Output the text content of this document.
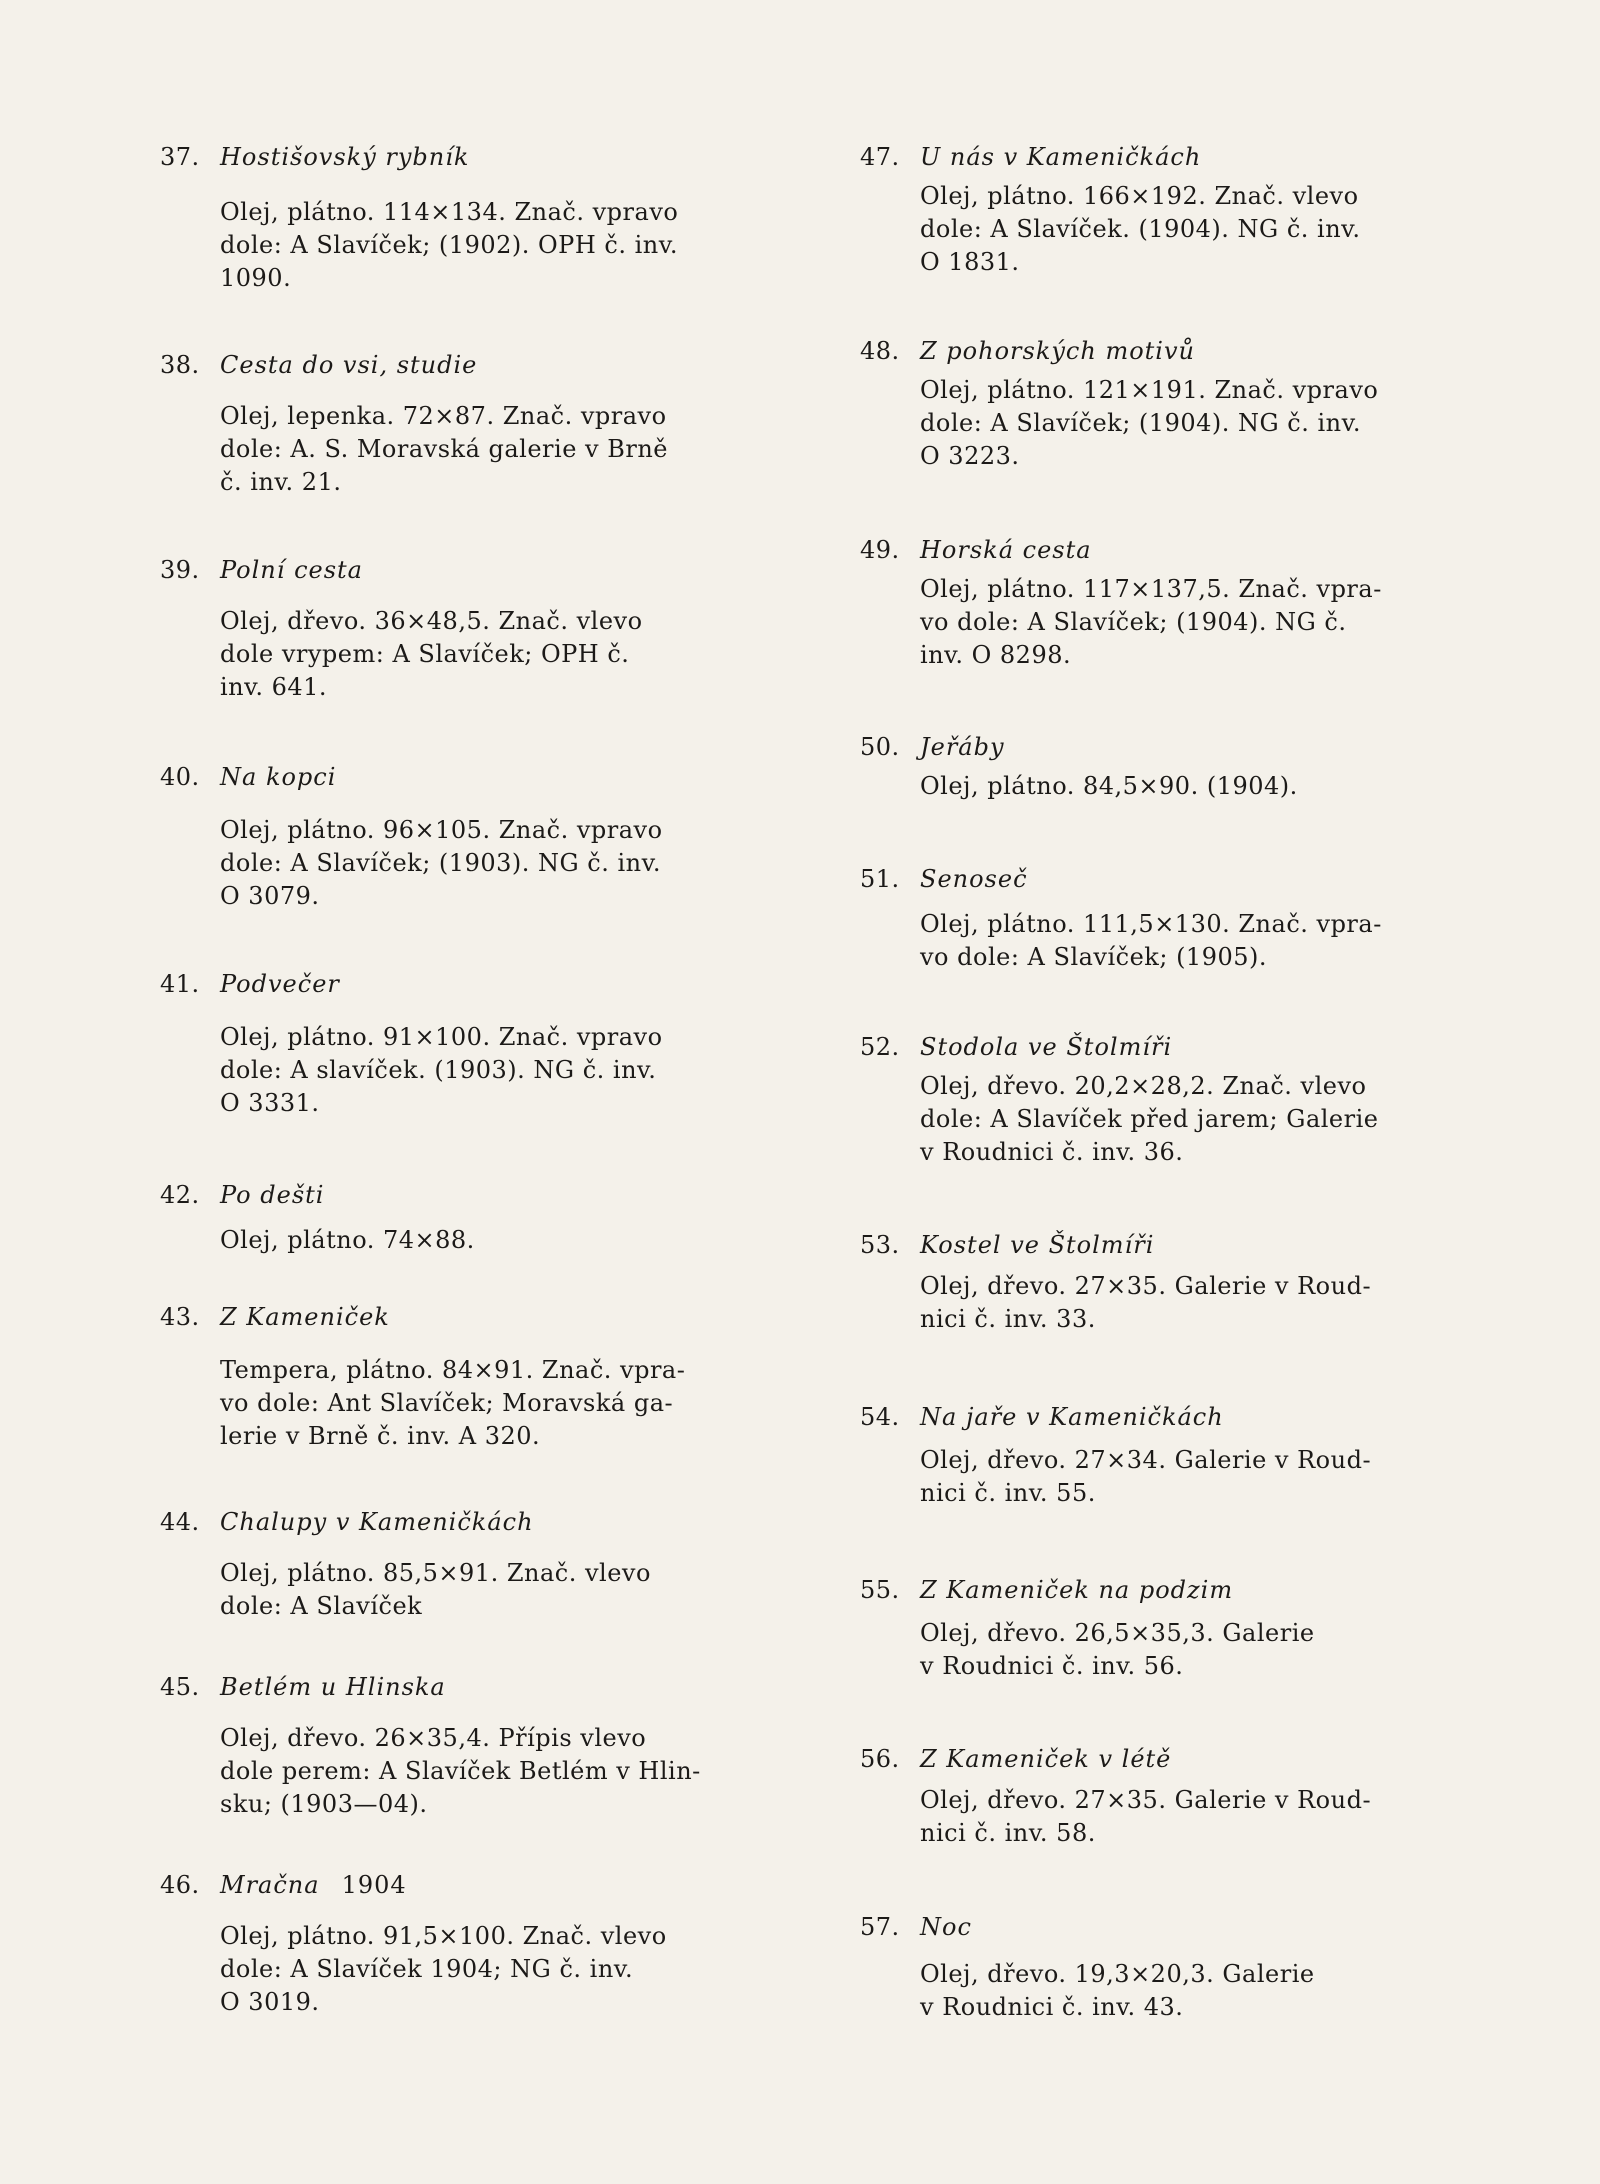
37. Hostišovský rybník
Olej, plátno. 114×134. Znač. vpravo
dole: A Slavíček; (1902). OPH č. inv.
1090.
38. Cesta do vsi, studie
Olej, lepenka. 72×87. Znač. vpravo
dole: A. S. Moravská galerie v Brně
č. inv. 21.
39. Polní cesta
Olej, dřevo. 36×48,5. Znač. vlevo
dole vrypem: A Slavíček; OPH č.
inv. 641.
40. Na kopci
Olej, plátno. 96×105. Znač. vpravo
dole: A Slavíček; (1903). NG č. inv.
O 3079.
41. Podvečer
Olej, plátno. 91×100. Znač. vpravo
dole: A slavíček. (1903). NG č. inv.
O 3331.
42. Po dešti
Olej, plátno. 74×88.
43. Z Kameniček
Tempera, plátno. 84×91. Znač. vpra-
vo dole: Ant Slavíček; Moravská ga-
lerie v Brně č. inv. A 320.
44. Chalupy v Kameničkách
Olej, plátno. 85,5×91. Znač. vlevo
dole: A Slavíček
45. Betlém u Hlinska
Olej, dřevo. 26×35,4. Přípis vlevo
dole perem: A Slavíček Betlém v Hlin-
sku; (1903—04).
46. Mračna 1904
Olej, plátno. 91,5×100. Znač. vlevo
dole: A Slavíček 1904; NG č. inv.
O 3019.
47. U nás v Kameničkách
Olej, plátno. 166×192. Znač. vlevo
dole: A Slavíček. (1904). NG č. inv.
O 1831.
48. Z pohorských motivů
Olej, plátno. 121×191. Znač. vpravo
dole: A Slavíček; (1904). NG č. inv.
O 3223.
49. Horská cesta
Olej, plátno. 117×137,5. Znač. vpra-
vo dole: A Slavíček; (1904). NG č.
inv. O 8298.
50. Jeřáby
Olej, plátno. 84,5×90. (1904).
51. Senoseč
Olej, plátno. 111,5×130. Znač. vpra-
vo dole: A Slavíček; (1905).
52. Stodola ve Štolmíři
Olej, dřevo. 20,2×28,2. Znač. vlevo
dole: A Slavíček před jarem; Galerie
v Roudnici č. inv. 36.
53. Kostel ve Štolmíři
Olej, dřevo. 27×35. Galerie v Roud-
nici č. inv. 33.
54. Na jaře v Kameničkách
Olej, dřevo. 27×34. Galerie v Roud-
nici č. inv. 55.
55. Z Kameniček na podzim
Olej, dřevo. 26,5×35,3. Galerie
v Roudnici č. inv. 56.
56. Z Kameniček v létě
Olej, dřevo. 27×35. Galerie v Roud-
nici č. inv. 58.
57. Noc
Olej, dřevo. 19,3×20,3. Galerie
v Roudnici č. inv. 43.
